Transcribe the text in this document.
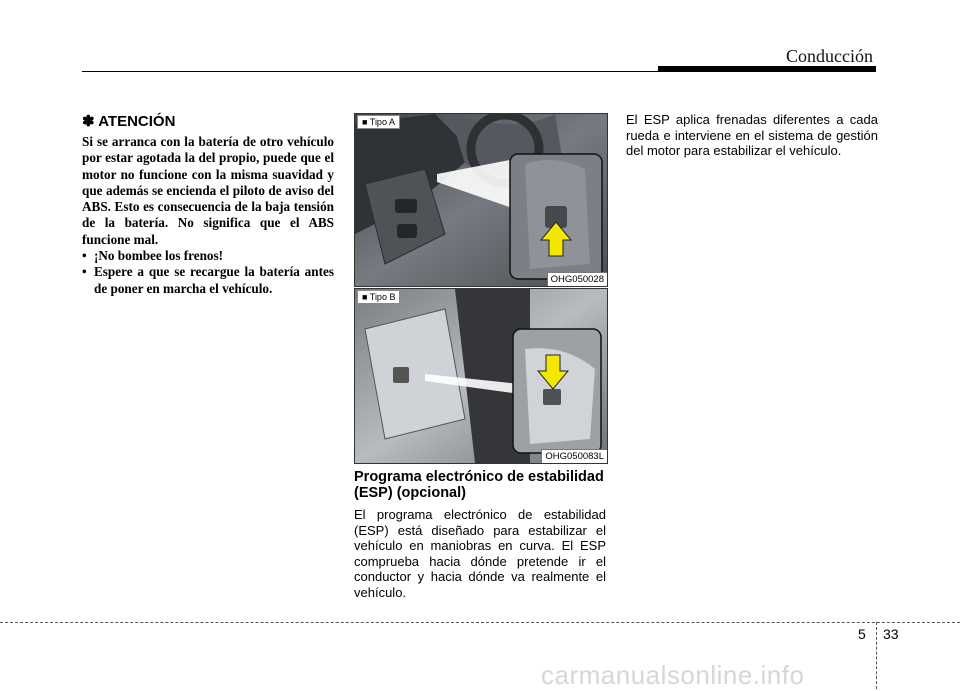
Conducción
✽ ATENCIÓN

Si se arranca con la batería de otro vehículo por estar agotada la del propio, puede que el motor no funcione con la misma suavidad y que además se encienda el piloto de aviso del ABS. Esto es consecuencia de la baja tensión de la batería. No significa que el ABS funcione mal.

• ¡No bombee los frenos!
• Espere a que se recargue la batería antes de poner en marcha el vehículo.
■ Tipo A
OHG050028
■ Tipo B
OHG050083L
Programa electrónico de estabilidad (ESP) (opcional)

El programa electrónico de estabilidad (ESP) está diseñado para estabilizar el vehículo en maniobras en curva. El ESP comprueba hacia dónde pretende ir el conductor y hacia dónde va realmente el vehículo.

El ESP aplica frenadas diferentes a cada rueda e interviene en el sistema de gestión del motor para estabilizar el vehículo.

5 33
carmanualsonline.info
